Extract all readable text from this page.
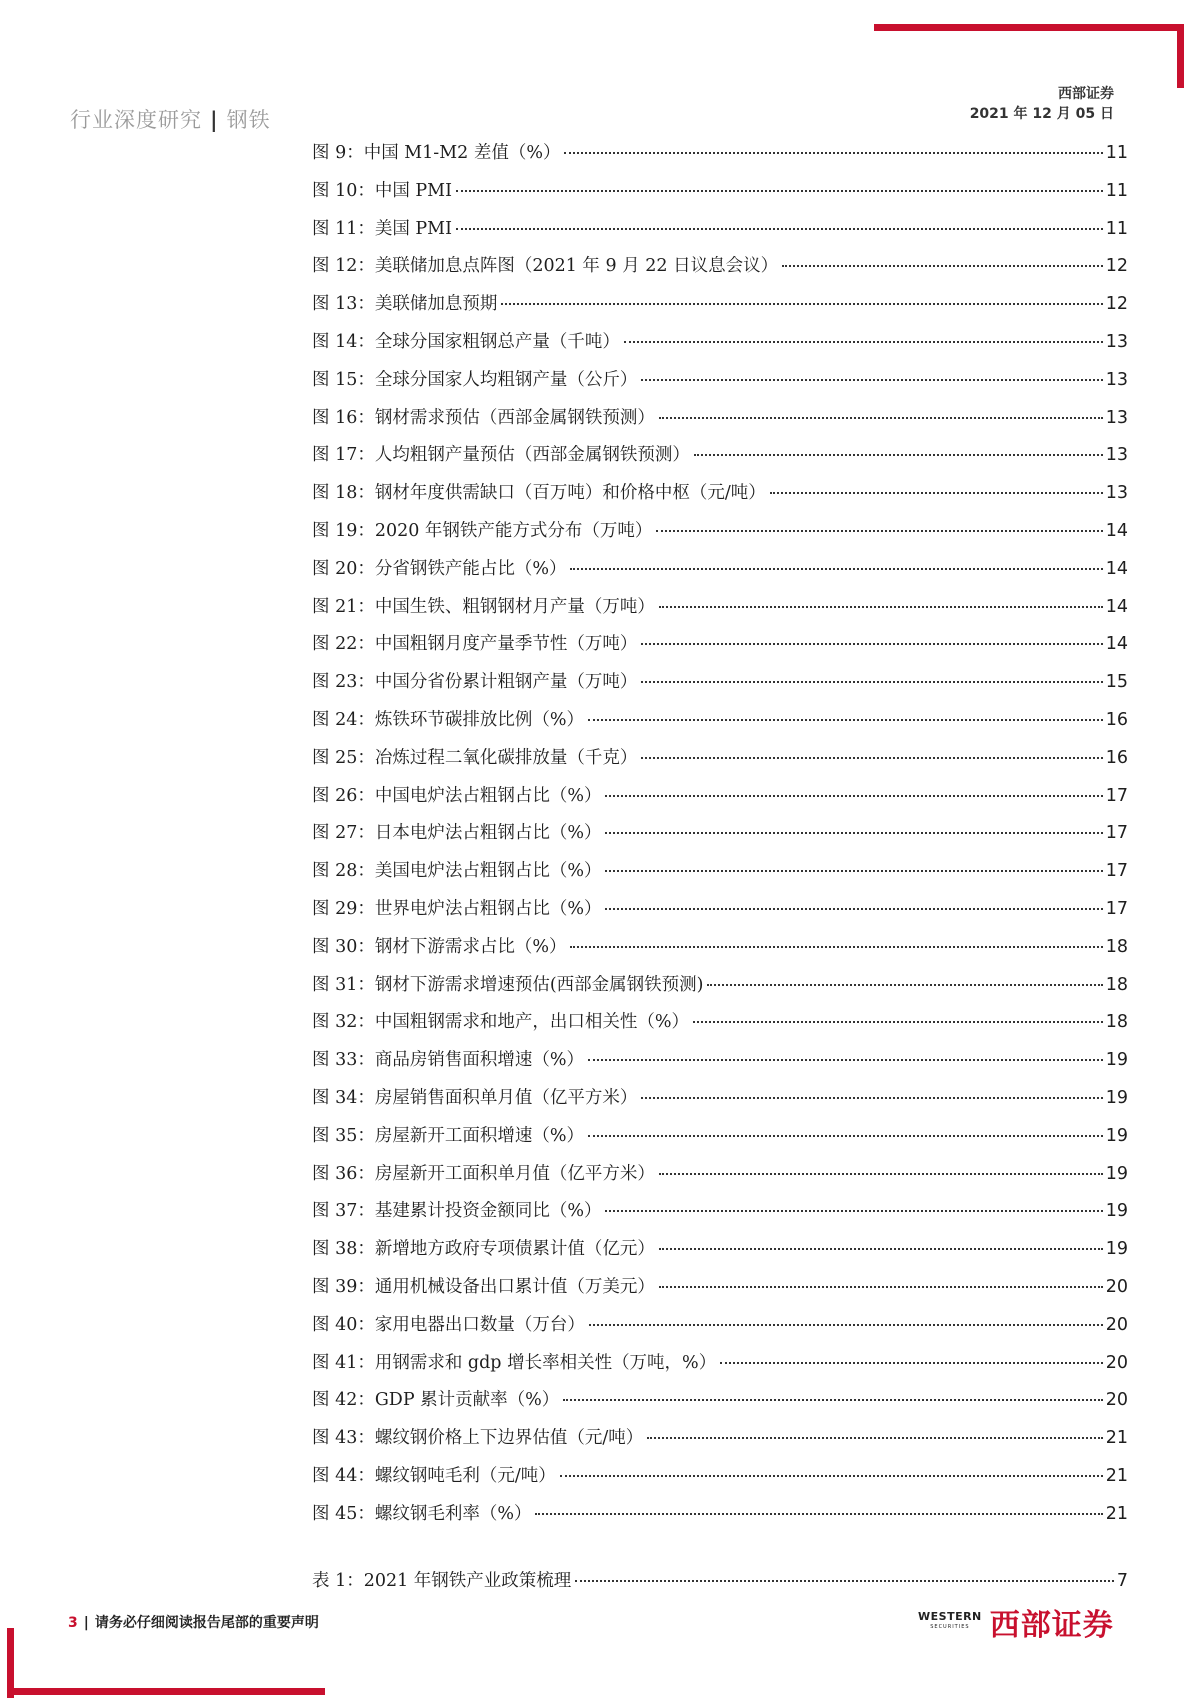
行业深度研究 | 钢铁
西部证券
2021 年 12 月 05 日
图 9：中国 M1-M2 差值（%）	11
图 10：中国 PMI	11
图 11：美国 PMI	11
图 12：美联储加息点阵图（2021 年 9 月 22 日议息会议）	12
图 13：美联储加息预期	12
图 14：全球分国家粗钢总产量（千吨）	13
图 15：全球分国家人均粗钢产量（公斤）	13
图 16：钢材需求预估（西部金属钢铁预测）	13
图 17：人均粗钢产量预估（西部金属钢铁预测）	13
图 18：钢材年度供需缺口（百万吨）和价格中枢（元/吨）	13
图 19：2020 年钢铁产能方式分布（万吨）	14
图 20：分省钢铁产能占比（%）	14
图 21：中国生铁、粗钢钢材月产量（万吨）	14
图 22：中国粗钢月度产量季节性（万吨）	14
图 23：中国分省份累计粗钢产量（万吨）	15
图 24：炼铁环节碳排放比例（%）	16
图 25：冶炼过程二氧化碳排放量（千克）	16
图 26：中国电炉法占粗钢占比（%）	17
图 27：日本电炉法占粗钢占比（%）	17
图 28：美国电炉法占粗钢占比（%）	17
图 29：世界电炉法占粗钢占比（%）	17
图 30：钢材下游需求占比（%）	18
图 31：钢材下游需求增速预估(西部金属钢铁预测)	18
图 32：中国粗钢需求和地产，出口相关性（%）	18
图 33：商品房销售面积增速（%）	19
图 34：房屋销售面积单月值（亿平方米）	19
图 35：房屋新开工面积增速（%）	19
图 36：房屋新开工面积单月值（亿平方米）	19
图 37：基建累计投资金额同比（%）	19
图 38：新增地方政府专项债累计值（亿元）	19
图 39：通用机械设备出口累计值（万美元）	20
图 40：家用电器出口数量（万台）	20
图 41：用钢需求和 gdp 增长率相关性（万吨，%）	20
图 42：GDP 累计贡献率（%）	20
图 43：螺纹钢价格上下边界估值（元/吨）	21
图 44：螺纹钢吨毛利（元/吨）	21
图 45：螺纹钢毛利率（%）	21
表 1：2021 年钢铁产业政策梳理	7
3 | 请务必仔细阅读报告尾部的重要声明	WESTERN
SECURITIES 西部证券
